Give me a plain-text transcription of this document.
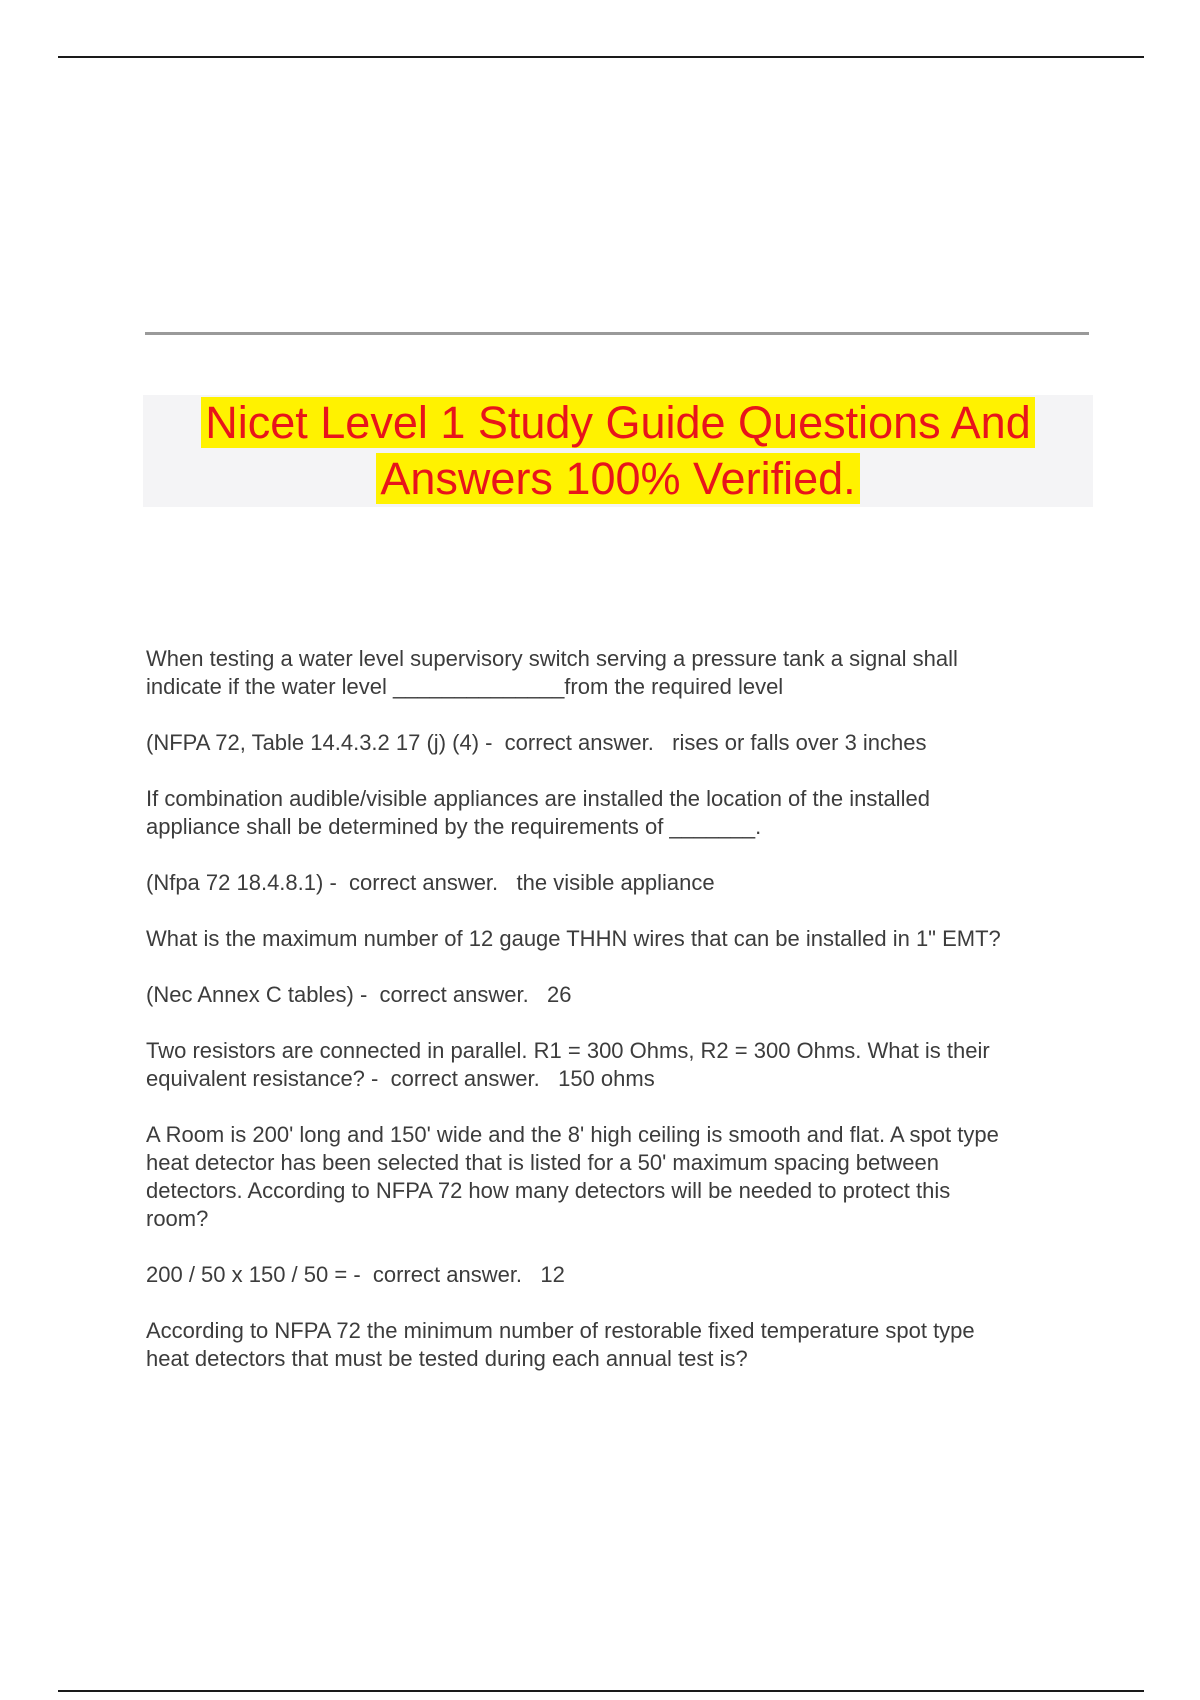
Nicet Level 1 Study Guide Questions And

Answers 100% Verified.

When testing a water level supervisory switch serving a pressure tank a signal shall
indicate if the water level ______________from the required level

(NFPA 72, Table 14.4.3.2 17 (j) (4) -  correct answer.   rises or falls over 3 inches

If combination audible/visible appliances are installed the location of the installed
appliance shall be determined by the requirements of _______.

(Nfpa 72 18.4.8.1) -  correct answer.   the visible appliance

What is the maximum number of 12 gauge THHN wires that can be installed in 1" EMT?

(Nec Annex C tables) -  correct answer.   26

Two resistors are connected in parallel. R1 = 300 Ohms, R2 = 300 Ohms. What is their
equivalent resistance? -  correct answer.   150 ohms

A Room is 200' long and 150' wide and the 8' high ceiling is smooth and flat. A spot type
heat detector has been selected that is listed for a 50' maximum spacing between
detectors. According to NFPA 72 how many detectors will be needed to protect this
room?

200 / 50 x 150 / 50 = -  correct answer.   12

According to NFPA 72 the minimum number of restorable fixed temperature spot type
heat detectors that must be tested during each annual test is?
